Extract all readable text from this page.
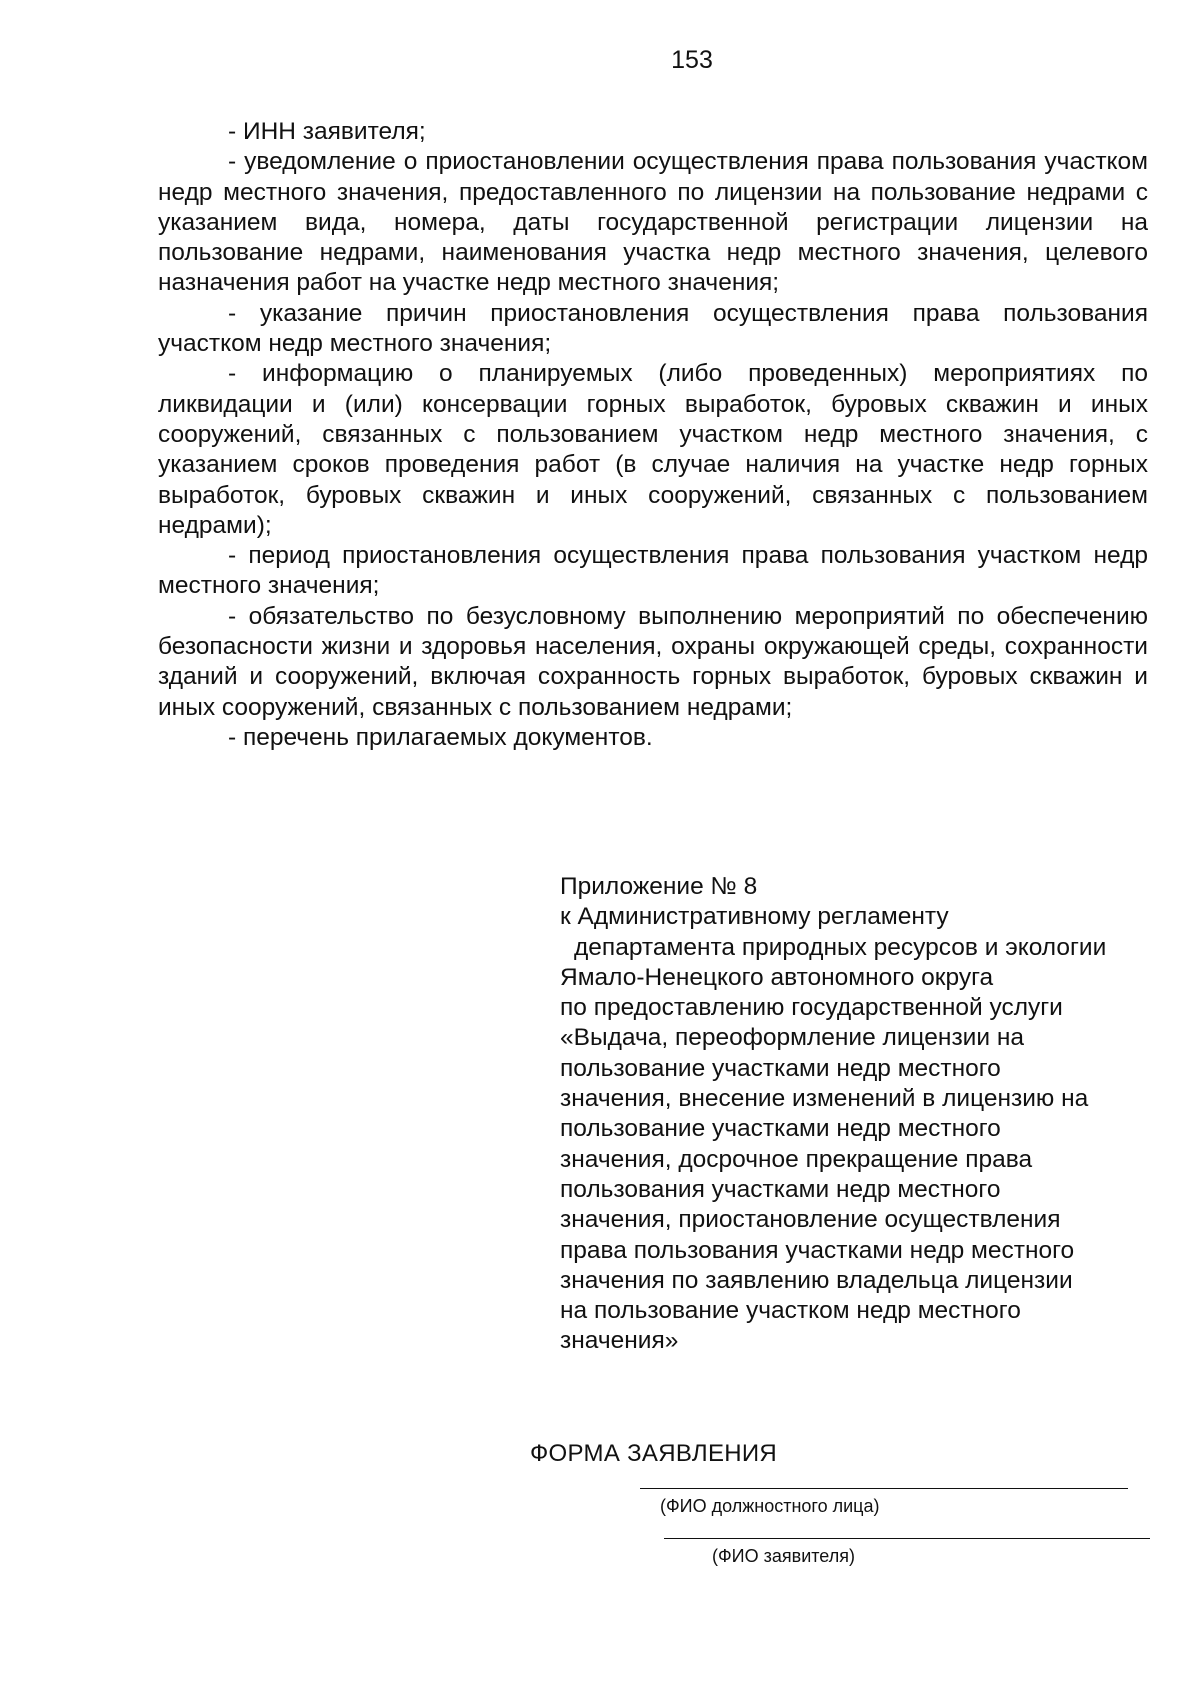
153

- ИНН заявителя;

- уведомление о приостановлении осуществления права пользования участком недр местного значения, предоставленного по лицензии на пользование недрами с указанием вида, номера, даты государственной регистрации лицензии на пользование недрами, наименования участка недр местного значения, целевого назначения работ на участке недр местного значения;

- указание причин приостановления осуществления права пользования участком недр местного значения;

- информацию о планируемых (либо проведенных) мероприятиях по ликвидации и (или) консервации горных выработок, буровых скважин и иных сооружений, связанных с пользованием участком недр местного значения, с указанием сроков проведения работ (в случае наличия на участке недр горных выработок, буровых скважин и иных сооружений, связанных с пользованием недрами);

- период приостановления осуществления права пользования участком недр местного значения;

- обязательство по безусловному выполнению мероприятий по обеспечению безопасности жизни и здоровья населения, охраны окружающей среды, сохранности зданий и сооружений, включая сохранность горных выработок, буровых скважин и иных сооружений, связанных с пользованием недрами;

- перечень прилагаемых документов.

Приложение № 8
к Административному регламенту
департамента природных ресурсов и экологии
Ямало-Ненецкого автономного округа
по предоставлению государственной услуги
«Выдача, переоформление лицензии на
пользование участками недр местного
значения, внесение изменений в лицензию на
пользование участками недр местного
значения, досрочное прекращение права
пользования участками недр местного
значения, приостановление осуществления
права пользования участками недр местного
значения по заявлению владельца лицензии
на пользование участком недр местного
значения»
ФОРМА ЗАЯВЛЕНИЯ
(ФИО должностного лица)
(ФИО заявителя)
